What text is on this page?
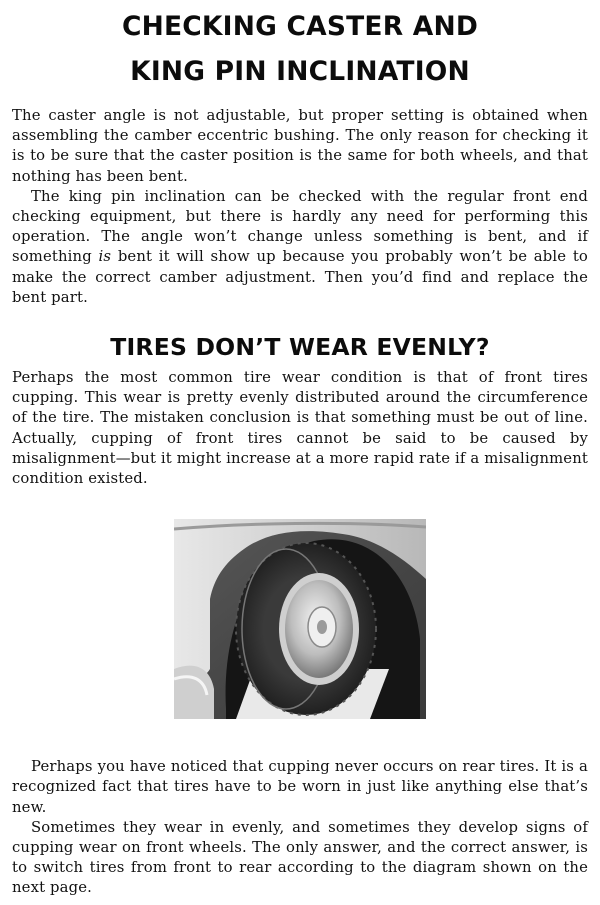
CHECKING CASTER AND
KING PIN INCLINATION

The caster angle is not adjustable, but proper setting is obtained when assembling the camber eccentric bushing. The only reason for checking it is to be sure that the caster position is the same for both wheels, and that nothing has been bent.

The king pin inclination can be checked with the regular front end checking equipment, but there is hardly any need for performing this operation. The angle won’t change unless something is bent, and if something is bent it will show up because you probably won’t be able to make the correct camber adjustment. Then you’d find and replace the bent part.

TIRES DON’T WEAR EVENLY?

Perhaps the most common tire wear condition is that of front tires cupping. This wear is pretty evenly distributed around the circumference of the tire. The mistaken conclusion is that something must be out of line. Actually, cupping of front tires cannot be said to be caused by misalignment—but it might increase at a more rapid rate if a misalignment condition existed.

Perhaps you have noticed that cupping never occurs on rear tires. It is a recognized fact that tires have to be worn in just like anything else that’s new.

Sometimes they wear in evenly, and sometimes they develop signs of cupping wear on front wheels. The only answer, and the correct answer, is to switch tires from front to rear according to the diagram shown on the next page.
